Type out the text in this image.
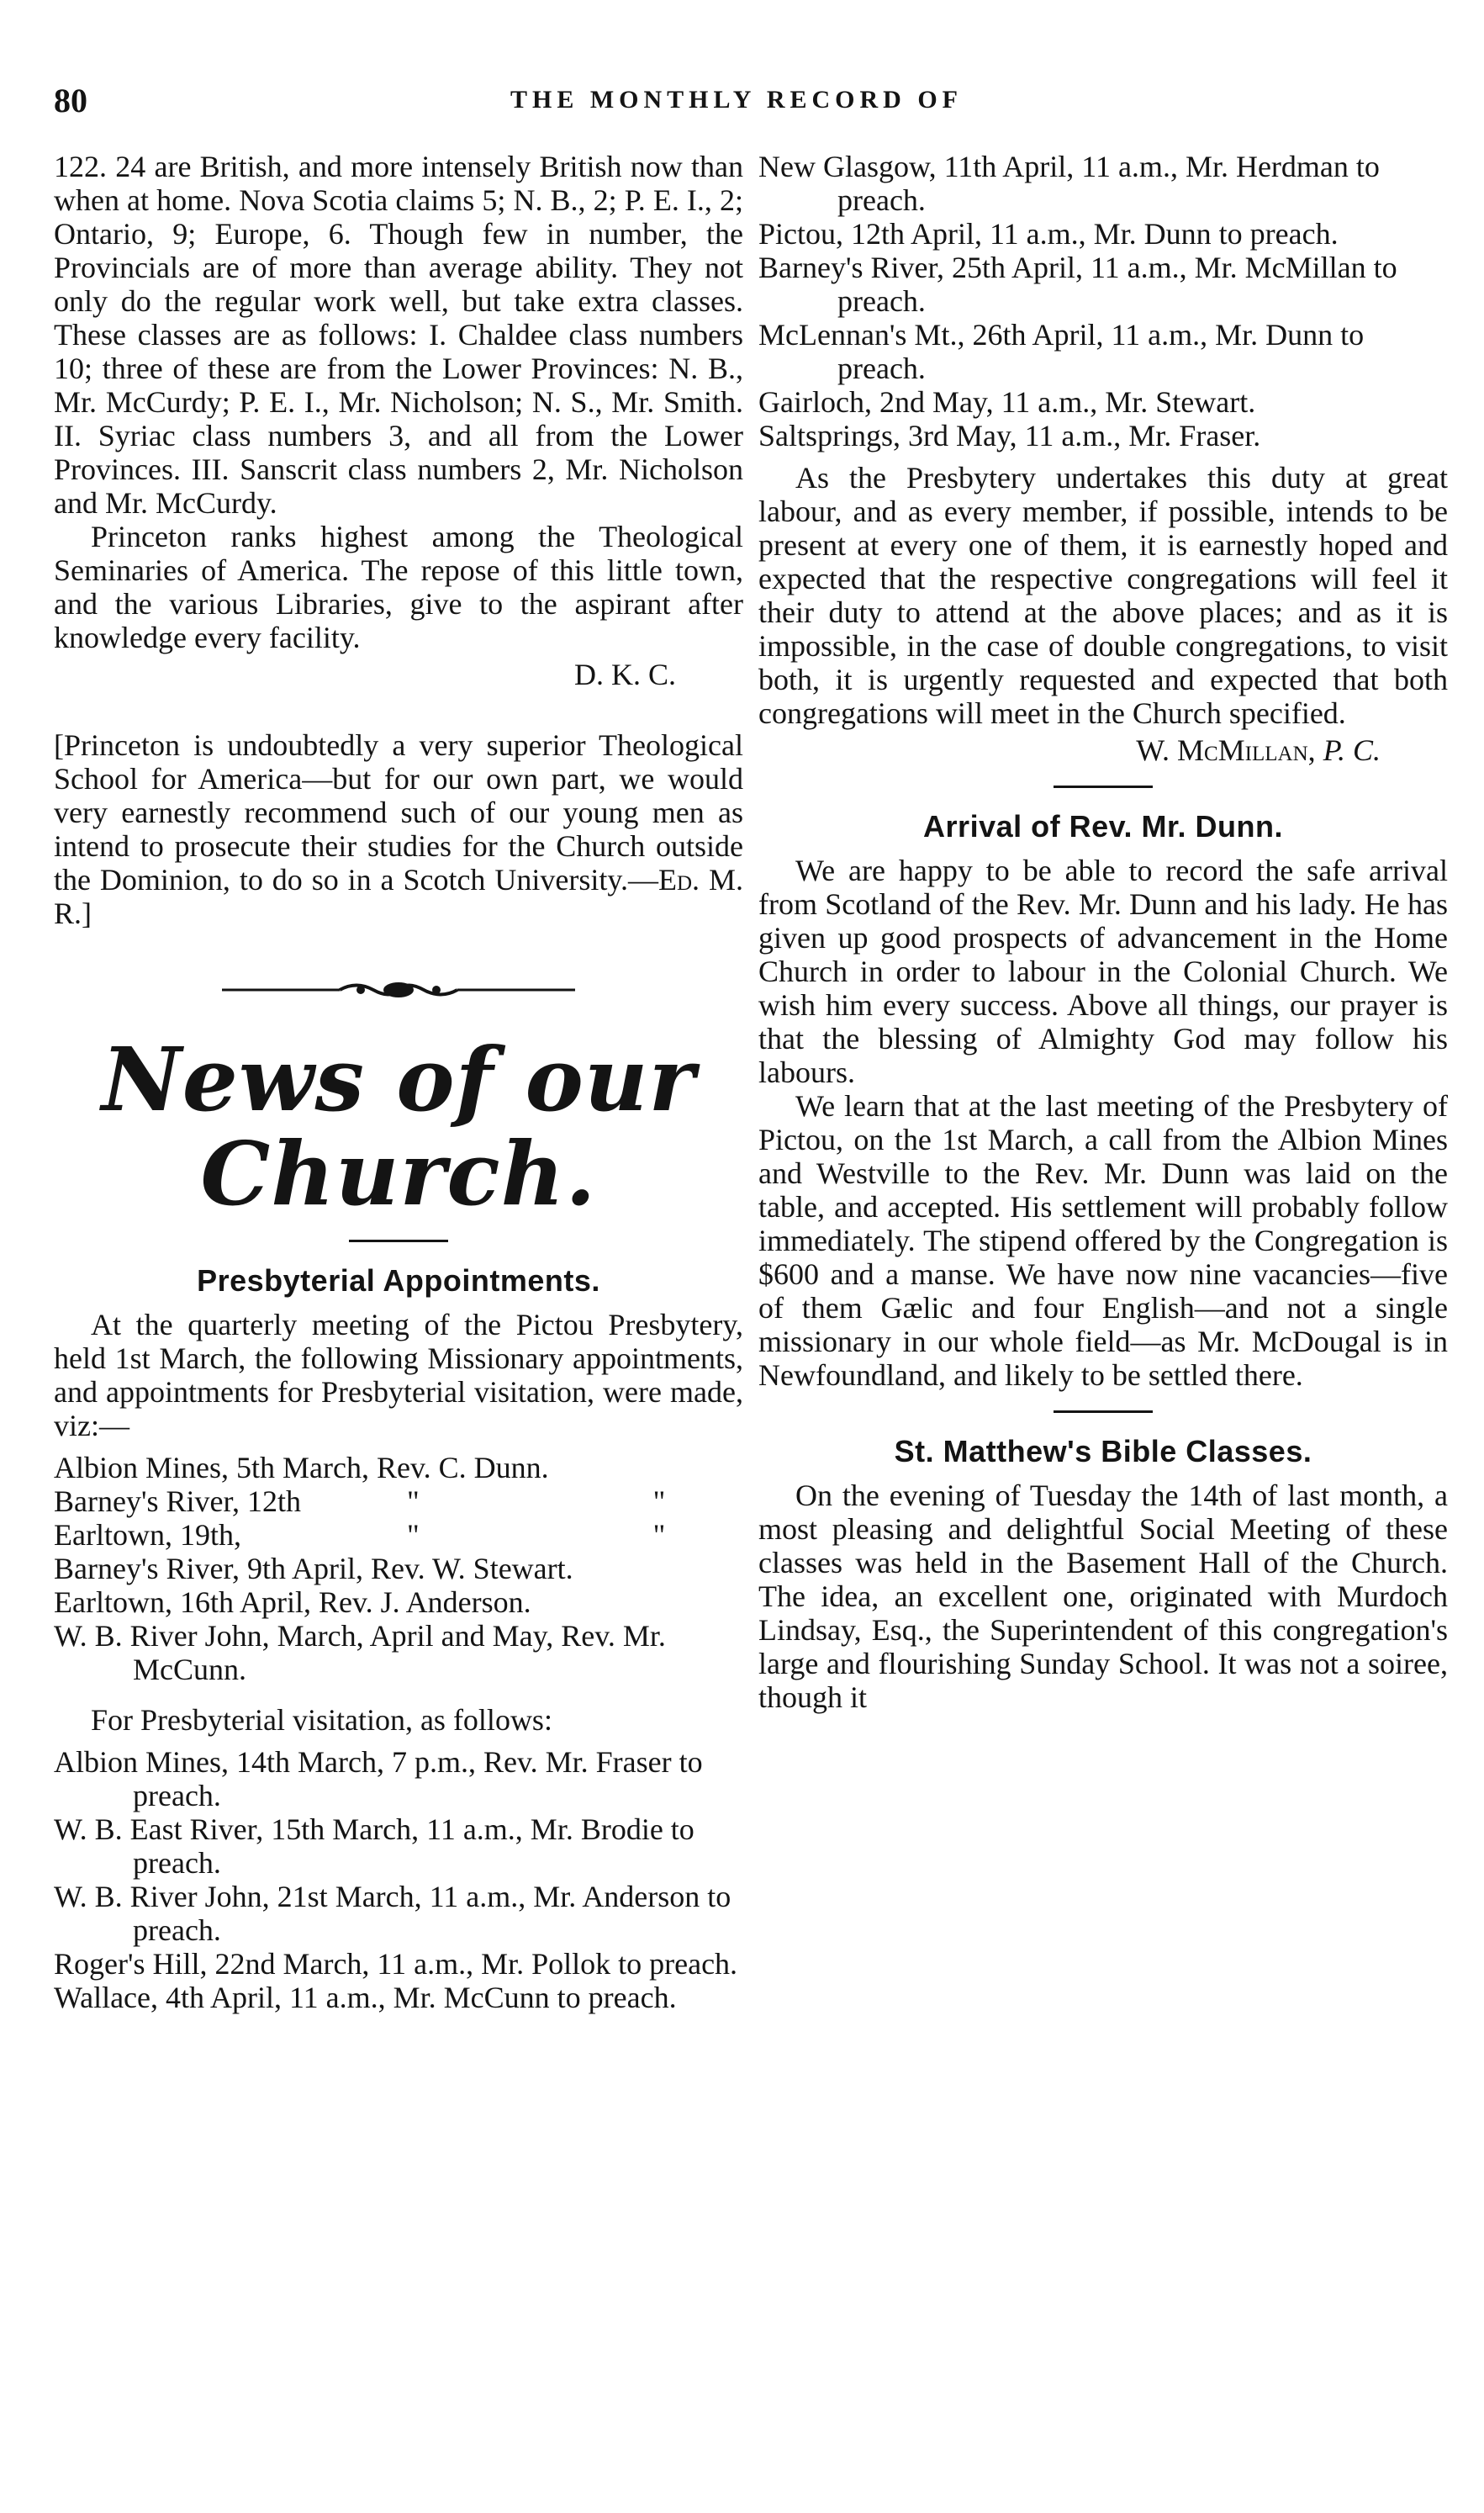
80	THE MONTHLY RECORD OF

122. 24 are British, and more intensely British now than when at home. Nova Scotia claims 5; N. B., 2; P. E. I., 2; Ontario, 9; Europe, 6. Though few in number, the Provincials are of more than average ability. They not only do the regular work well, but take extra classes. These classes are as follows: I. Chaldee class numbers 10; three of these are from the Lower Provinces: N. B., Mr. McCurdy; P. E. I., Mr. Nicholson; N. S., Mr. Smith. II. Syriac class numbers 3, and all from the Lower Provinces. III. Sanscrit class numbers 2, Mr. Nicholson and Mr. McCurdy.

Princeton ranks highest among the Theological Seminaries of America. The repose of this little town, and the various Libraries, give to the aspirant after knowledge every facility.

D. K. C.

[Princeton is undoubtedly a very superior Theological School for America—but for our own part, we would very earnestly recommend such of our young men as intend to prosecute their studies for the Church outside the Dominion, to do so in a Scotch University.—Ed. M. R.]

News of our Church.
Presbyterial Appointments.

At the quarterly meeting of the Pictou Presbytery, held 1st March, the following Missionary appointments, and appointments for Presbyterial visitation, were made, viz:—

Albion Mines, 5th March, Rev. C. Dunn.

Barney's River, 12th	"	"
Earltown, 19th,	"	"

Barney's River, 9th April, Rev. W. Stewart.

Earltown, 16th April, Rev. J. Anderson.

W. B. River John, March, April and May, Rev. Mr. McCunn.

For Presbyterial visitation, as follows:

Albion Mines, 14th March, 7 p.m., Rev. Mr. Fraser to preach.

W. B. East River, 15th March, 11 a.m., Mr. Brodie to preach.

W. B. River John, 21st March, 11 a.m., Mr. Anderson to preach.

Roger's Hill, 22nd March, 11 a.m., Mr. Pollok to preach.

Wallace, 4th April, 11 a.m., Mr. McCunn to preach.

New Glasgow, 11th April, 11 a.m., Mr. Herdman to preach.

Pictou, 12th April, 11 a.m., Mr. Dunn to preach.

Barney's River, 25th April, 11 a.m., Mr. McMillan to preach.

McLennan's Mt., 26th April, 11 a.m., Mr. Dunn to preach.

Gairloch, 2nd May, 11 a.m., Mr. Stewart.

Saltsprings, 3rd May, 11 a.m., Mr. Fraser.

As the Presbytery undertakes this duty at great labour, and as every member, if possible, intends to be present at every one of them, it is earnestly hoped and expected that the respective congregations will feel it their duty to attend at the above places; and as it is impossible, in the case of double congregations, to visit both, it is urgently requested and expected that both congregations will meet in the Church specified.

W. McMillan, P. C.

Arrival of Rev. Mr. Dunn.

We are happy to be able to record the safe arrival from Scotland of the Rev. Mr. Dunn and his lady. He has given up good prospects of advancement in the Home Church in order to labour in the Colonial Church. We wish him every success. Above all things, our prayer is that the blessing of Almighty God may follow his labours.

We learn that at the last meeting of the Presbytery of Pictou, on the 1st March, a call from the Albion Mines and Westville to the Rev. Mr. Dunn was laid on the table, and accepted. His settlement will probably follow immediately. The stipend offered by the Congregation is $600 and a manse. We have now nine vacancies—five of them Gælic and four English—and not a single missionary in our whole field—as Mr. McDougal is in Newfoundland, and likely to be settled there.

St. Matthew's Bible Classes.

On the evening of Tuesday the 14th of last month, a most pleasing and delightful Social Meeting of these classes was held in the Basement Hall of the Church. The idea, an excellent one, originated with Murdoch Lindsay, Esq., the Superintendent of this congregation's large and flourishing Sunday School. It was not a soiree, though it
